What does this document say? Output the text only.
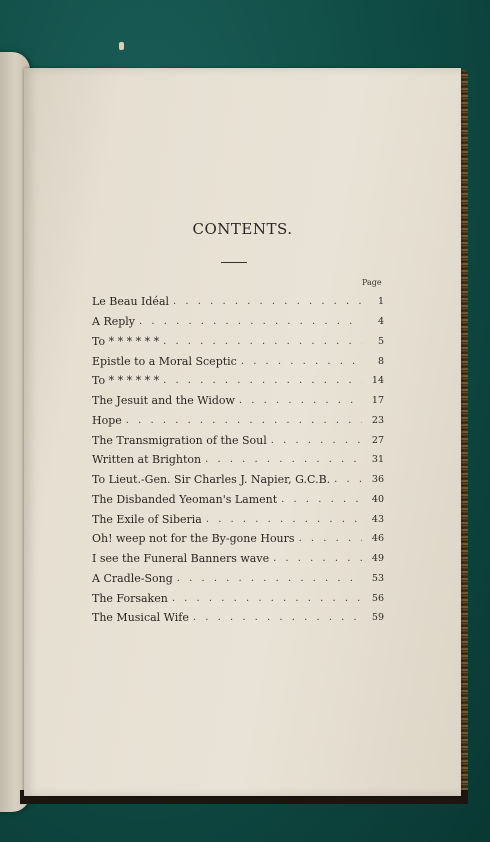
CONTENTS.
Page
Le Beau Idéal . . .	1
A Reply . . .	4
To * * * * * * . . .	5
Epistle to a Moral Sceptic . . .	8
To * * * * * * . . .	14
The Jesuit and the Widow . . .	17
Hope . . .	23
The Transmigration of the Soul . . .	27
Written at Brighton . . .	31
To Lieut.-Gen. Sir Charles J. Napier, G.C.B. . . .	36
The Disbanded Yeoman's Lament . . .	40
The Exile of Siberia . . .	43
Oh! weep not for the By-gone Hours . . .	46
I see the Funeral Banners wave . . .	49
A Cradle-Song . . .	53
The Forsaken . . .	56
The Musical Wife . . .	59
